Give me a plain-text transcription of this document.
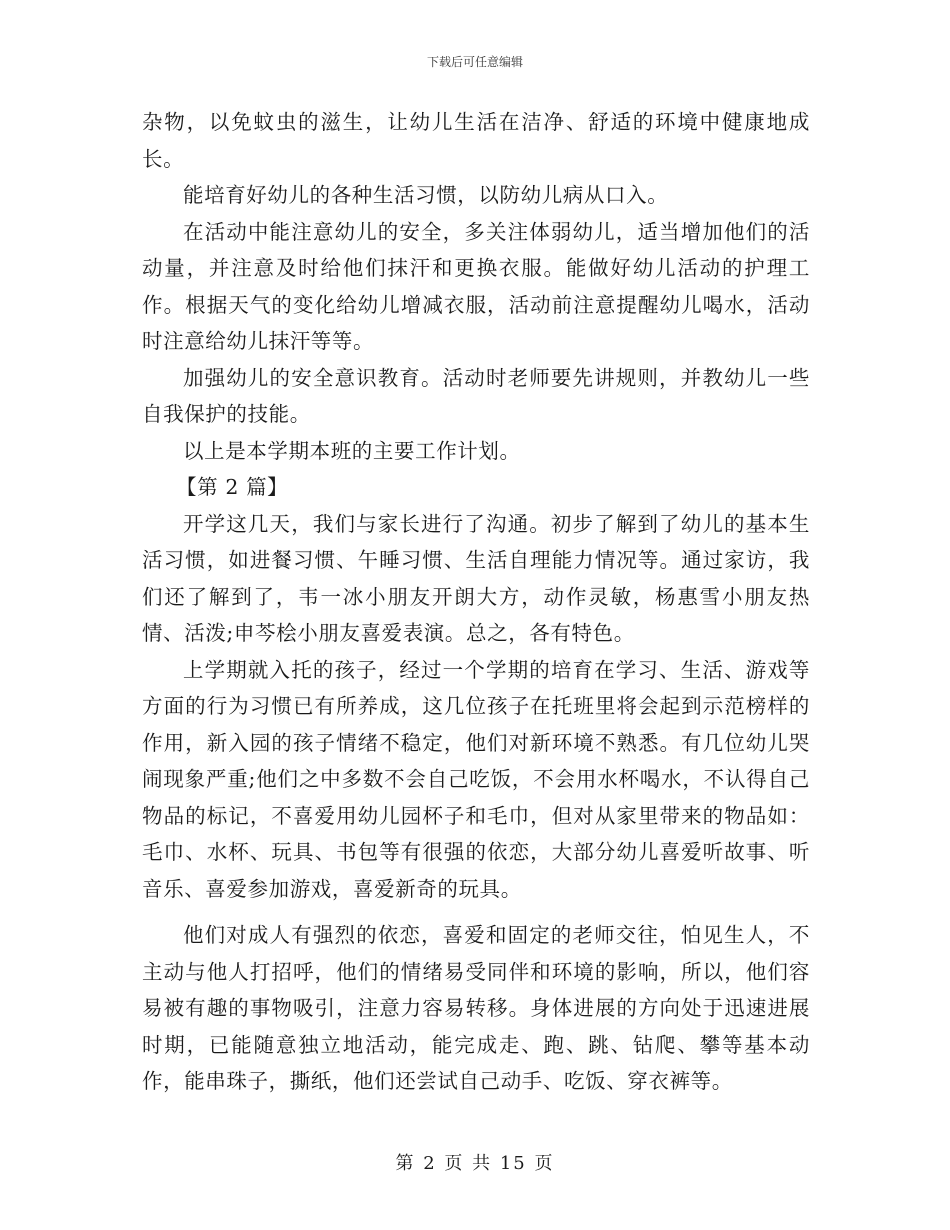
下载后可任意编辑

杂物，以免蚊虫的滋生，让幼儿生活在洁净、舒适的环境中健康地成长。

能培育好幼儿的各种生活习惯，以防幼儿病从口入。

在活动中能注意幼儿的安全，多关注体弱幼儿，适当增加他们的活动量，并注意及时给他们抹汗和更换衣服。能做好幼儿活动的护理工作。根据天气的变化给幼儿增减衣服，活动前注意提醒幼儿喝水，活动时注意给幼儿抹汗等等。

加强幼儿的安全意识教育。活动时老师要先讲规则，并教幼儿一些自我保护的技能。

以上是本学期本班的主要工作计划。

【第 2 篇】

开学这几天，我们与家长进行了沟通。初步了解到了幼儿的基本生活习惯，如进餐习惯、午睡习惯、生活自理能力情况等。通过家访，我们还了解到了，韦一冰小朋友开朗大方，动作灵敏，杨惠雪小朋友热情、活泼;申芩桧小朋友喜爱表演。总之，各有特色。

上学期就入托的孩子，经过一个学期的培育在学习、生活、游戏等方面的行为习惯已有所养成，这几位孩子在托班里将会起到示范榜样的作用，新入园的孩子情绪不稳定，他们对新环境不熟悉。有几位幼儿哭闹现象严重;他们之中多数不会自己吃饭，不会用水杯喝水，不认得自己物品的标记，不喜爱用幼儿园杯子和毛巾，但对从家里带来的物品如：毛巾、水杯、玩具、书包等有很强的依恋，大部分幼儿喜爱听故事、听音乐、喜爱参加游戏，喜爱新奇的玩具。

他们对成人有强烈的依恋，喜爱和固定的老师交往，怕见生人，不主动与他人打招呼，他们的情绪易受同伴和环境的影响，所以，他们容易被有趣的事物吸引，注意力容易转移。身体进展的方向处于迅速进展时期，已能随意独立地活动，能完成走、跑、跳、钻爬、攀等基本动作，能串珠子，撕纸，他们还尝试自己动手、吃饭、穿衣裤等。

第 2 页 共 15 页
